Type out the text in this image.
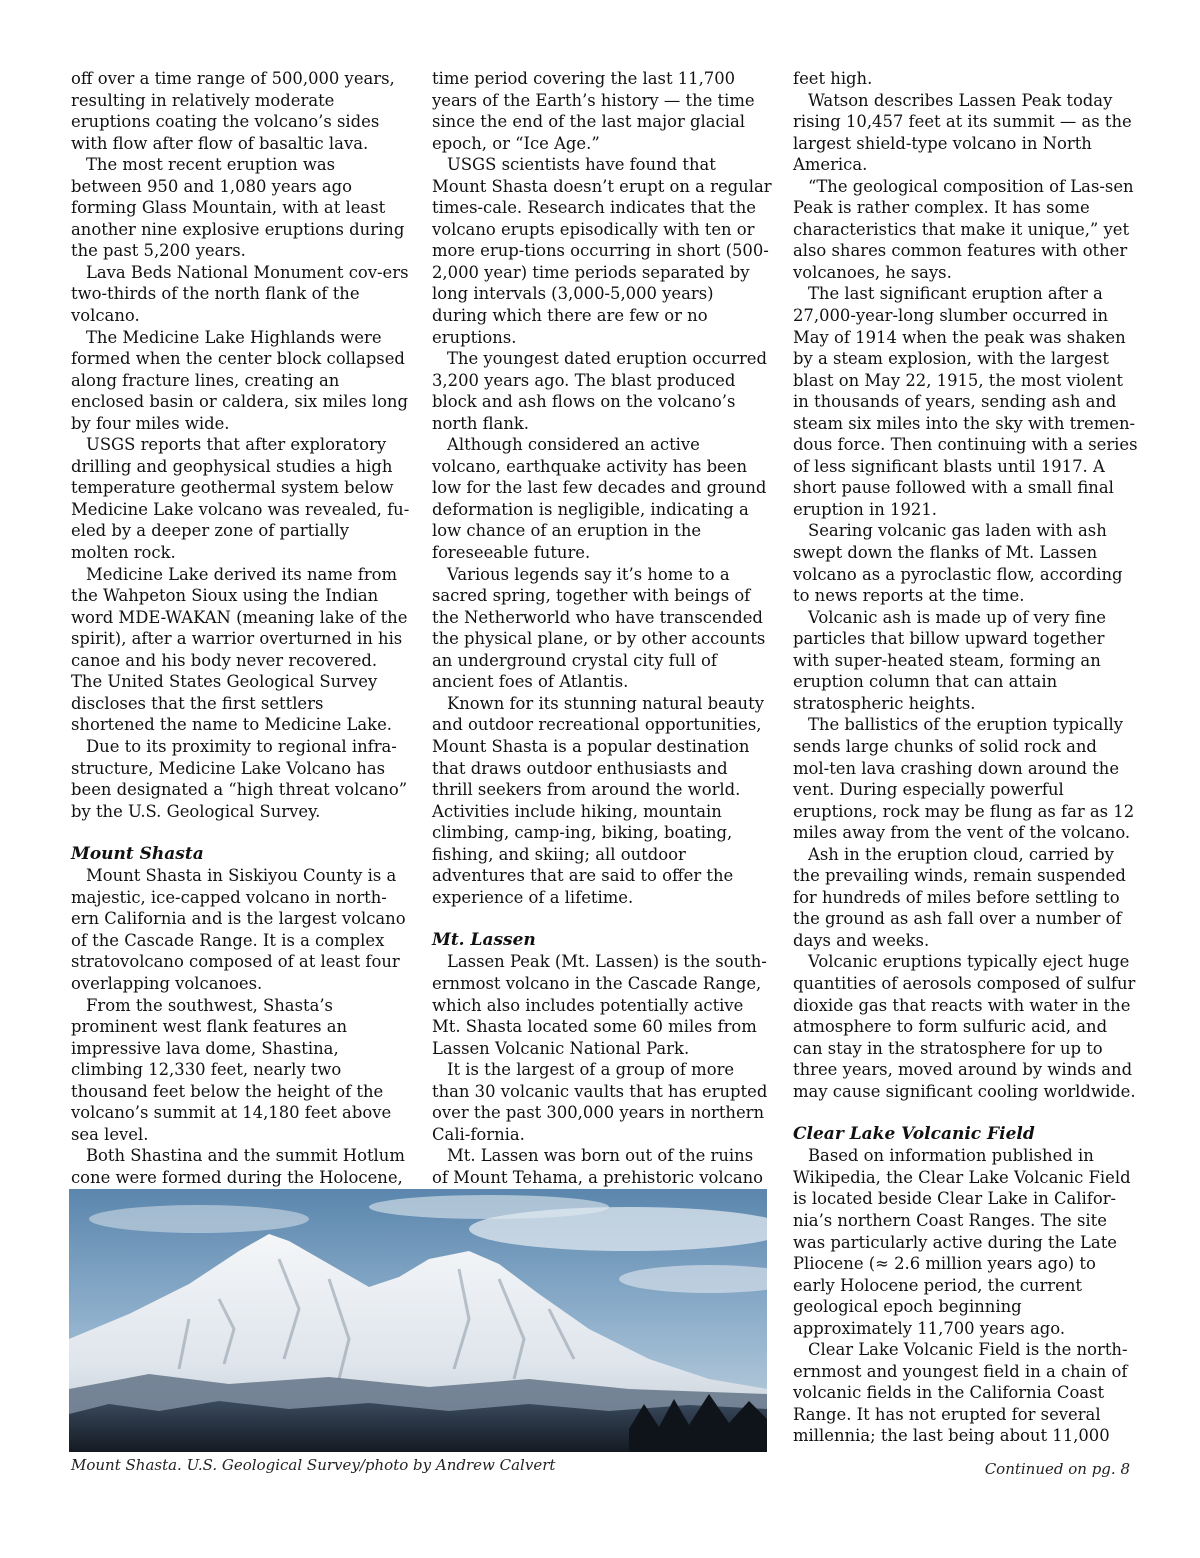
off over a time range of 500,000 years, resulting in relatively moderate eruptions coating the volcano’s sides with flow after flow of basaltic lava.

The most recent eruption was between 950 and 1,080 years ago forming Glass Mountain, with at least another nine explosive eruptions during the past 5,200 years.

Lava Beds National Monument cov-ers two-thirds of the north flank of the volcano.

The Medicine Lake Highlands were formed when the center block collapsed along fracture lines, creating an enclosed basin or caldera, six miles long by four miles wide.

USGS reports that after exploratory drilling and geophysical studies a high temperature geothermal system below Medicine Lake volcano was revealed, fu-eled by a deeper zone of partially molten rock.

Medicine Lake derived its name from the Wahpeton Sioux using the Indian word MDE-WAKAN (meaning lake of the spirit), after a warrior overturned in his canoe and his body never recovered. The United States Geological Survey discloses that the first settlers shortened the name to Medicine Lake.

Due to its proximity to regional infra-structure, Medicine Lake Volcano has been designated a “high threat volcano” by the U.S. Geological Survey.

Mount Shasta

Mount Shasta in Siskiyou County is a majestic, ice-capped volcano in north-ern California and is the largest volcano of the Cascade Range. It is a complex stratovolcano composed of at least four overlapping volcanoes.

From the southwest, Shasta’s prominent west flank features an impressive lava dome, Shastina, climbing 12,330 feet, nearly two thousand feet below the height of the volcano’s summit at 14,180 feet above sea level.

Both Shastina and the summit Hotlum cone were formed during the Holocene,

time period covering the last 11,700 years of the Earth’s history — the time since the end of the last major glacial epoch, or “Ice Age.”

USGS scientists have found that Mount Shasta doesn’t erupt on a regular times-cale. Research indicates that the volcano erupts episodically with ten or more erup-tions occurring in short (500-2,000 year) time periods separated by long intervals (3,000-5,000 years) during which there are few or no eruptions.

The youngest dated eruption occurred 3,200 years ago. The blast produced block and ash flows on the volcano’s north flank.

Although considered an active volcano, earthquake activity has been low for the last few decades and ground deformation is negligible, indicating a low chance of an eruption in the foreseeable future.

Various legends say it’s home to a sacred spring, together with beings of the Netherworld who have transcended the physical plane, or by other accounts an underground crystal city full of ancient foes of Atlantis.

Known for its stunning natural beauty and outdoor recreational opportunities, Mount Shasta is a popular destination that draws outdoor enthusiasts and thrill seekers from around the world. Activities include hiking, mountain climbing, camp-ing, biking, boating, fishing, and skiing; all outdoor adventures that are said to offer the experience of a lifetime.

Mt. Lassen

Lassen Peak (Mt. Lassen) is the south-ernmost volcano in the Cascade Range, which also includes potentially active Mt. Shasta located some 60 miles from Lassen Volcanic National Park.

It is the largest of a group of more than 30 volcanic vaults that has erupted over the past 300,000 years in northern Cali-fornia.

Mt. Lassen was born out of the ruins of Mount Tehama, a prehistoric volcano

feet high.

Watson describes Lassen Peak today rising 10,457 feet at its summit — as the largest shield-type volcano in North America.

“The geological composition of Las-sen Peak is rather complex. It has some characteristics that make it unique,” yet also shares common features with other volcanoes, he says.

The last significant eruption after a 27,000-year-long slumber occurred in May of 1914 when the peak was shaken by a steam explosion, with the largest blast on May 22, 1915, the most violent in thousands of years, sending ash and steam six miles into the sky with tremen-dous force. Then continuing with a series of less significant blasts until 1917. A short pause followed with a small final eruption in 1921.

Searing volcanic gas laden with ash swept down the flanks of Mt. Lassen volcano as a pyroclastic flow, according to news reports at the time.

Volcanic ash is made up of very fine particles that billow upward together with super-heated steam, forming an eruption column that can attain stratospheric heights.

The ballistics of the eruption typically sends large chunks of solid rock and mol-ten lava crashing down around the vent. During especially powerful eruptions, rock may be flung as far as 12 miles away from the vent of the volcano.

Ash in the eruption cloud, carried by the prevailing winds, remain suspended for hundreds of miles before settling to the ground as ash fall over a number of days and weeks.

Volcanic eruptions typically eject huge quantities of aerosols composed of sulfur dioxide gas that reacts with water in the atmosphere to form sulfuric acid, and can stay in the stratosphere for up to three years, moved around by winds and may cause significant cooling worldwide.

Clear Lake Volcanic Field

Based on information published in Wikipedia, the Clear Lake Volcanic Field is located beside Clear Lake in Califor-nia’s northern Coast Ranges. The site was particularly active during the Late Pliocene (≈ 2.6 million years ago) to early Holocene period, the current geological epoch beginning approximately 11,700 years ago.

Clear Lake Volcanic Field is the north-ernmost and youngest field in a chain of volcanic fields in the California Coast Range. It has not erupted for several millennia; the last being about 11,000

Mount Shasta. U.S. Geological Survey/photo by Andrew Calvert	Continued on pg. 8
